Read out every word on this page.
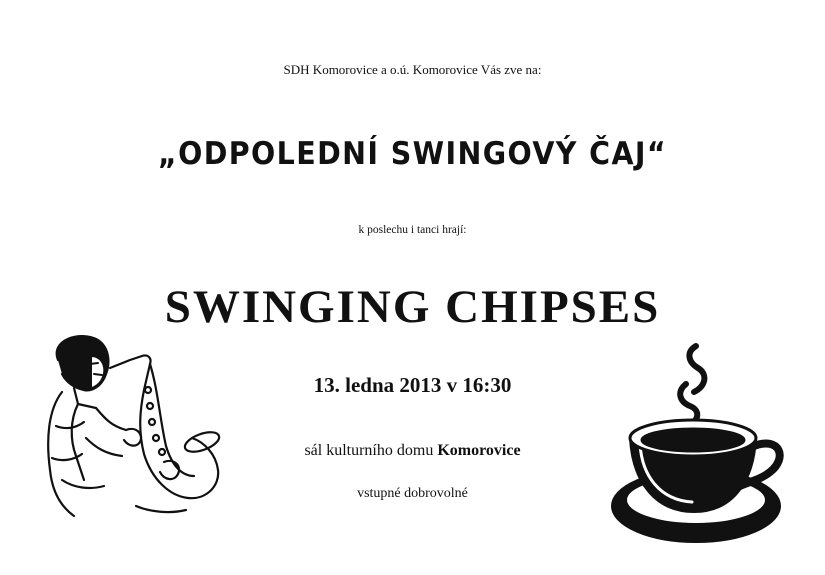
SDH Komorovice a o.ú. Komorovice Vás zve na:
„ODPOLEDNÍ SWINGOVÝ ČAJ“
k poslechu i tanci hrají:
SWINGING CHIPSES
13. ledna 2013 v 16:30
sál kulturního domu Komorovice
vstupné dobrovolné
